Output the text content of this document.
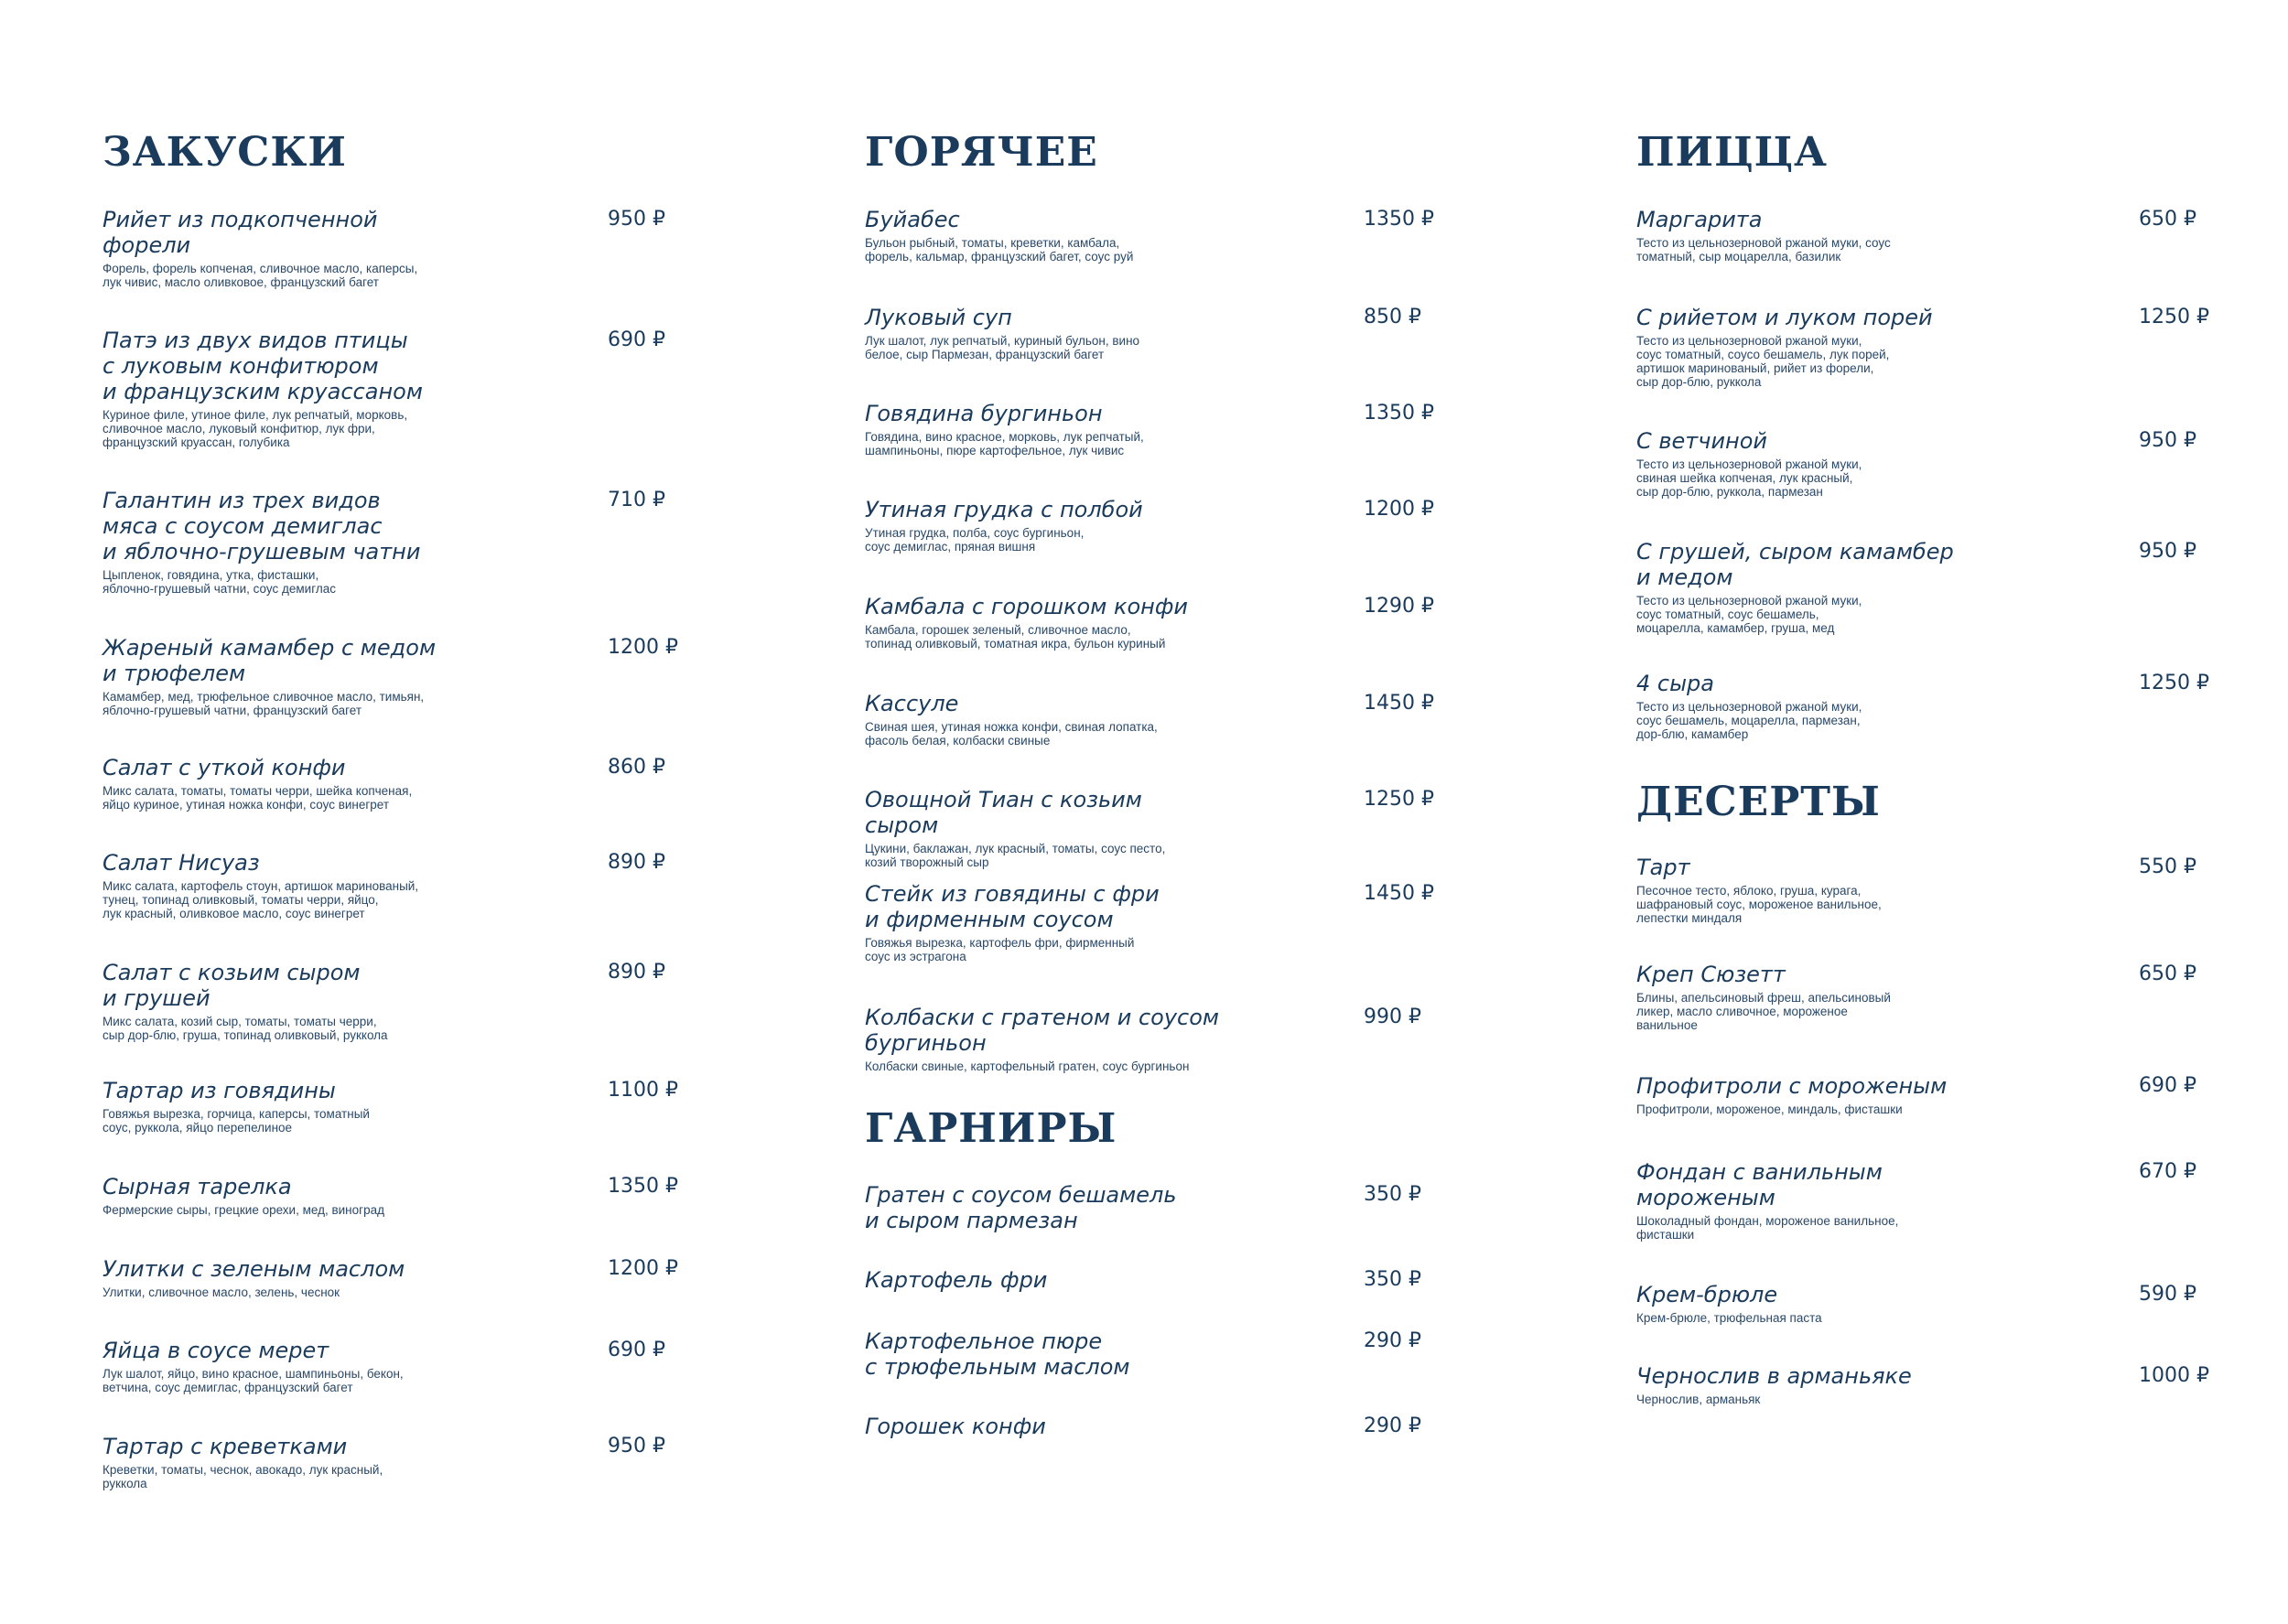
ЗАКУСКИ
Рийет из подкопченной
форели
950 ₽
Форель, форель копченая, сливочное масло, каперсы,
лук чивис, масло оливковое, французский багет
Патэ из двух видов птицы
с луковым конфитюром
и французским круассаном
690 ₽
Куриное филе, утиное филе, лук репчатый, морковь,
сливочное масло, луковый конфитюр, лук фри,
французский круассан, голубика
Галантин из трех видов
мяса с соусом демиглас
и яблочно-грушевым чатни
710 ₽
Цыпленок, говядина, утка, фисташки,
яблочно-грушевый чатни, соус демиглас
Жареный камамбер с медом
и трюфелем
1200 ₽
Камамбер, мед, трюфельное сливочное масло, тимьян,
яблочно-грушевый чатни, французский багет
Салат с уткой конфи	860 ₽
Микс салата, томаты, томаты черри, шейка копченая,
яйцо куриное, утиная ножка конфи, соус винегрет
Салат Нисуаз	890 ₽
Микс салата, картофель стоун, артишок маринованый,
тунец, топинад оливковый, томаты черри, яйцо,
лук красный, оливковое масло, соус винегрет
Салат с козьим сыром
и грушей
890 ₽
Микс салата, козий сыр, томаты, томаты черри,
сыр дор-блю, груша, топинад оливковый, руккола
Тартар из говядины	1100 ₽
Говяжья вырезка, горчица, каперсы, томатный
соус, руккола, яйцо перепелиное
Сырная тарелка	1350 ₽
Фермерские сыры, грецкие орехи, мед, виноград
Улитки с зеленым маслом	1200 ₽
Улитки, сливочное масло, зелень, чеснок
Яйца в соусе мерет	690 ₽
Лук шалот, яйцо, вино красное, шампиньоны, бекон,
ветчина, соус демиглас, французский багет
Тартар с креветками	950 ₽
Креветки, томаты, чеснок, авокадо, лук красный,
руккола
ГОРЯЧЕЕ
Буйабес	1350 ₽
Бульон рыбный, томаты, креветки, камбала,
форель, кальмар, французский багет, соус руй
Луковый суп	850 ₽
Лук шалот, лук репчатый, куриный бульон, вино
белое, сыр Пармезан, французский багет
Говядина бургиньон	1350 ₽
Говядина, вино красное, морковь, лук репчатый,
шампиньоны, пюре картофельное, лук чивис
Утиная грудка с полбой	1200 ₽
Утиная грудка, полба, соус бургиньон,
соус демиглас, пряная вишня
Камбала с горошком конфи	1290 ₽
Камбала, горошек зеленый, сливочное масло,
топинад оливковый, томатная икра, бульон куриный
Кассуле	1450 ₽
Свиная шея, утиная ножка конфи, свиная лопатка,
фасоль белая, колбаски свиные
Овощной Тиан с козьим сыром
1250 ₽
Цукини, баклажан, лук красный, томаты, соус песто,
козий творожный сыр
Стейк из говядины с фри
и фирменным соусом
1450 ₽
Говяжья вырезка, картофель фри, фирменный
соус из эстрагона
Колбаски с гратеном и соусом
бургиньон
990 ₽
Колбаски свиные, картофельный гратен, соус бургиньон
ГАРНИРЫ
Гратен с соусом бешамель
и сыром пармезан
350 ₽
Картофель фри	350 ₽
Картофельное пюре
с трюфельным маслом
290 ₽
Горошек конфи	290 ₽
ПИЦЦА
Маргарита	650 ₽
Тесто из цельнозерновой ржаной муки, соус
томатный, сыр моцарелла, базилик
С рийетом и луком порей	1250 ₽
Тесто из цельнозерновой ржаной муки,
соус томатный, соусо бешамель, лук порей,
артишок маринованый, рийет из форели,
сыр дор-блю, руккола
С ветчиной	950 ₽
Тесто из цельнозерновой ржаной муки,
свиная шейка копченая, лук красный,
сыр дор-блю, руккола, пармезан
С грушей, сыром камамбер
и медом
950 ₽
Тесто из цельнозерновой ржаной муки,
соус томатный, соус бешамель,
моцарелла, камамбер, груша, мед
4 сыра	1250 ₽
Тесто из цельнозерновой ржаной муки,
соус бешамель, моцарелла, пармезан,
дор-блю, камамбер
ДЕСЕРТЫ
Тарт	550 ₽
Песочное тесто, яблоко, груша, курага,
шафрановый соус, мороженое ванильное,
лепестки миндаля
Креп Сюзетт	650 ₽
Блины, апельсиновый фреш, апельсиновый
ликер, масло сливочное, мороженое
ванильное
Профитроли с мороженым	690 ₽
Профитроли, мороженое, миндаль, фисташки
Фондан с ванильным
мороженым
670 ₽
Шоколадный фондан, мороженое ванильное,
фисташки
Крем-брюле	590 ₽
Крем-брюле, трюфельная паста
Чернослив в арманьяке	1000 ₽
Чернослив, арманьяк
